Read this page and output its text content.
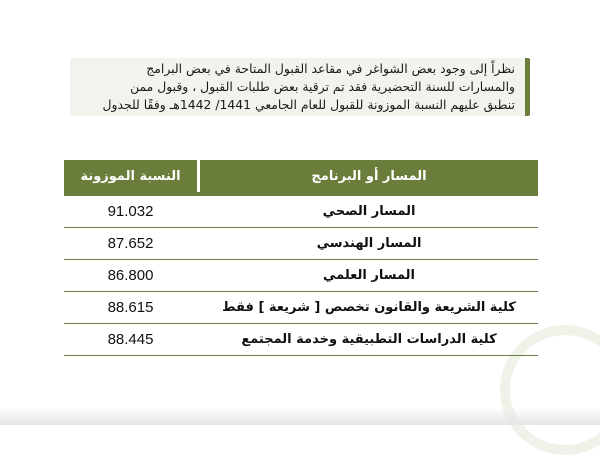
نظراً إلى وجود بعض الشواغر في مقاعد القبول المتاحة في بعض البرامج

والمسارات للسنة التحضيرية فقد تم ترقية بعض طلبات القبول ، وقبول ممن

تنطبق عليهم النسبة الموزونة للقبول للعام الجامعي 1441/ 1442هـ وفقًا للجدول

المسار أو البرنامج
النسبة الموزونة
المسار الصحي
91.032
المسار الهندسي
87.652
المسار العلمي
86.800
كلية الشريعة والقانون تخصص [ شريعة ] فقط
88.615
كلية الدراسات التطبيقية وخدمة المجتمع
88.445
